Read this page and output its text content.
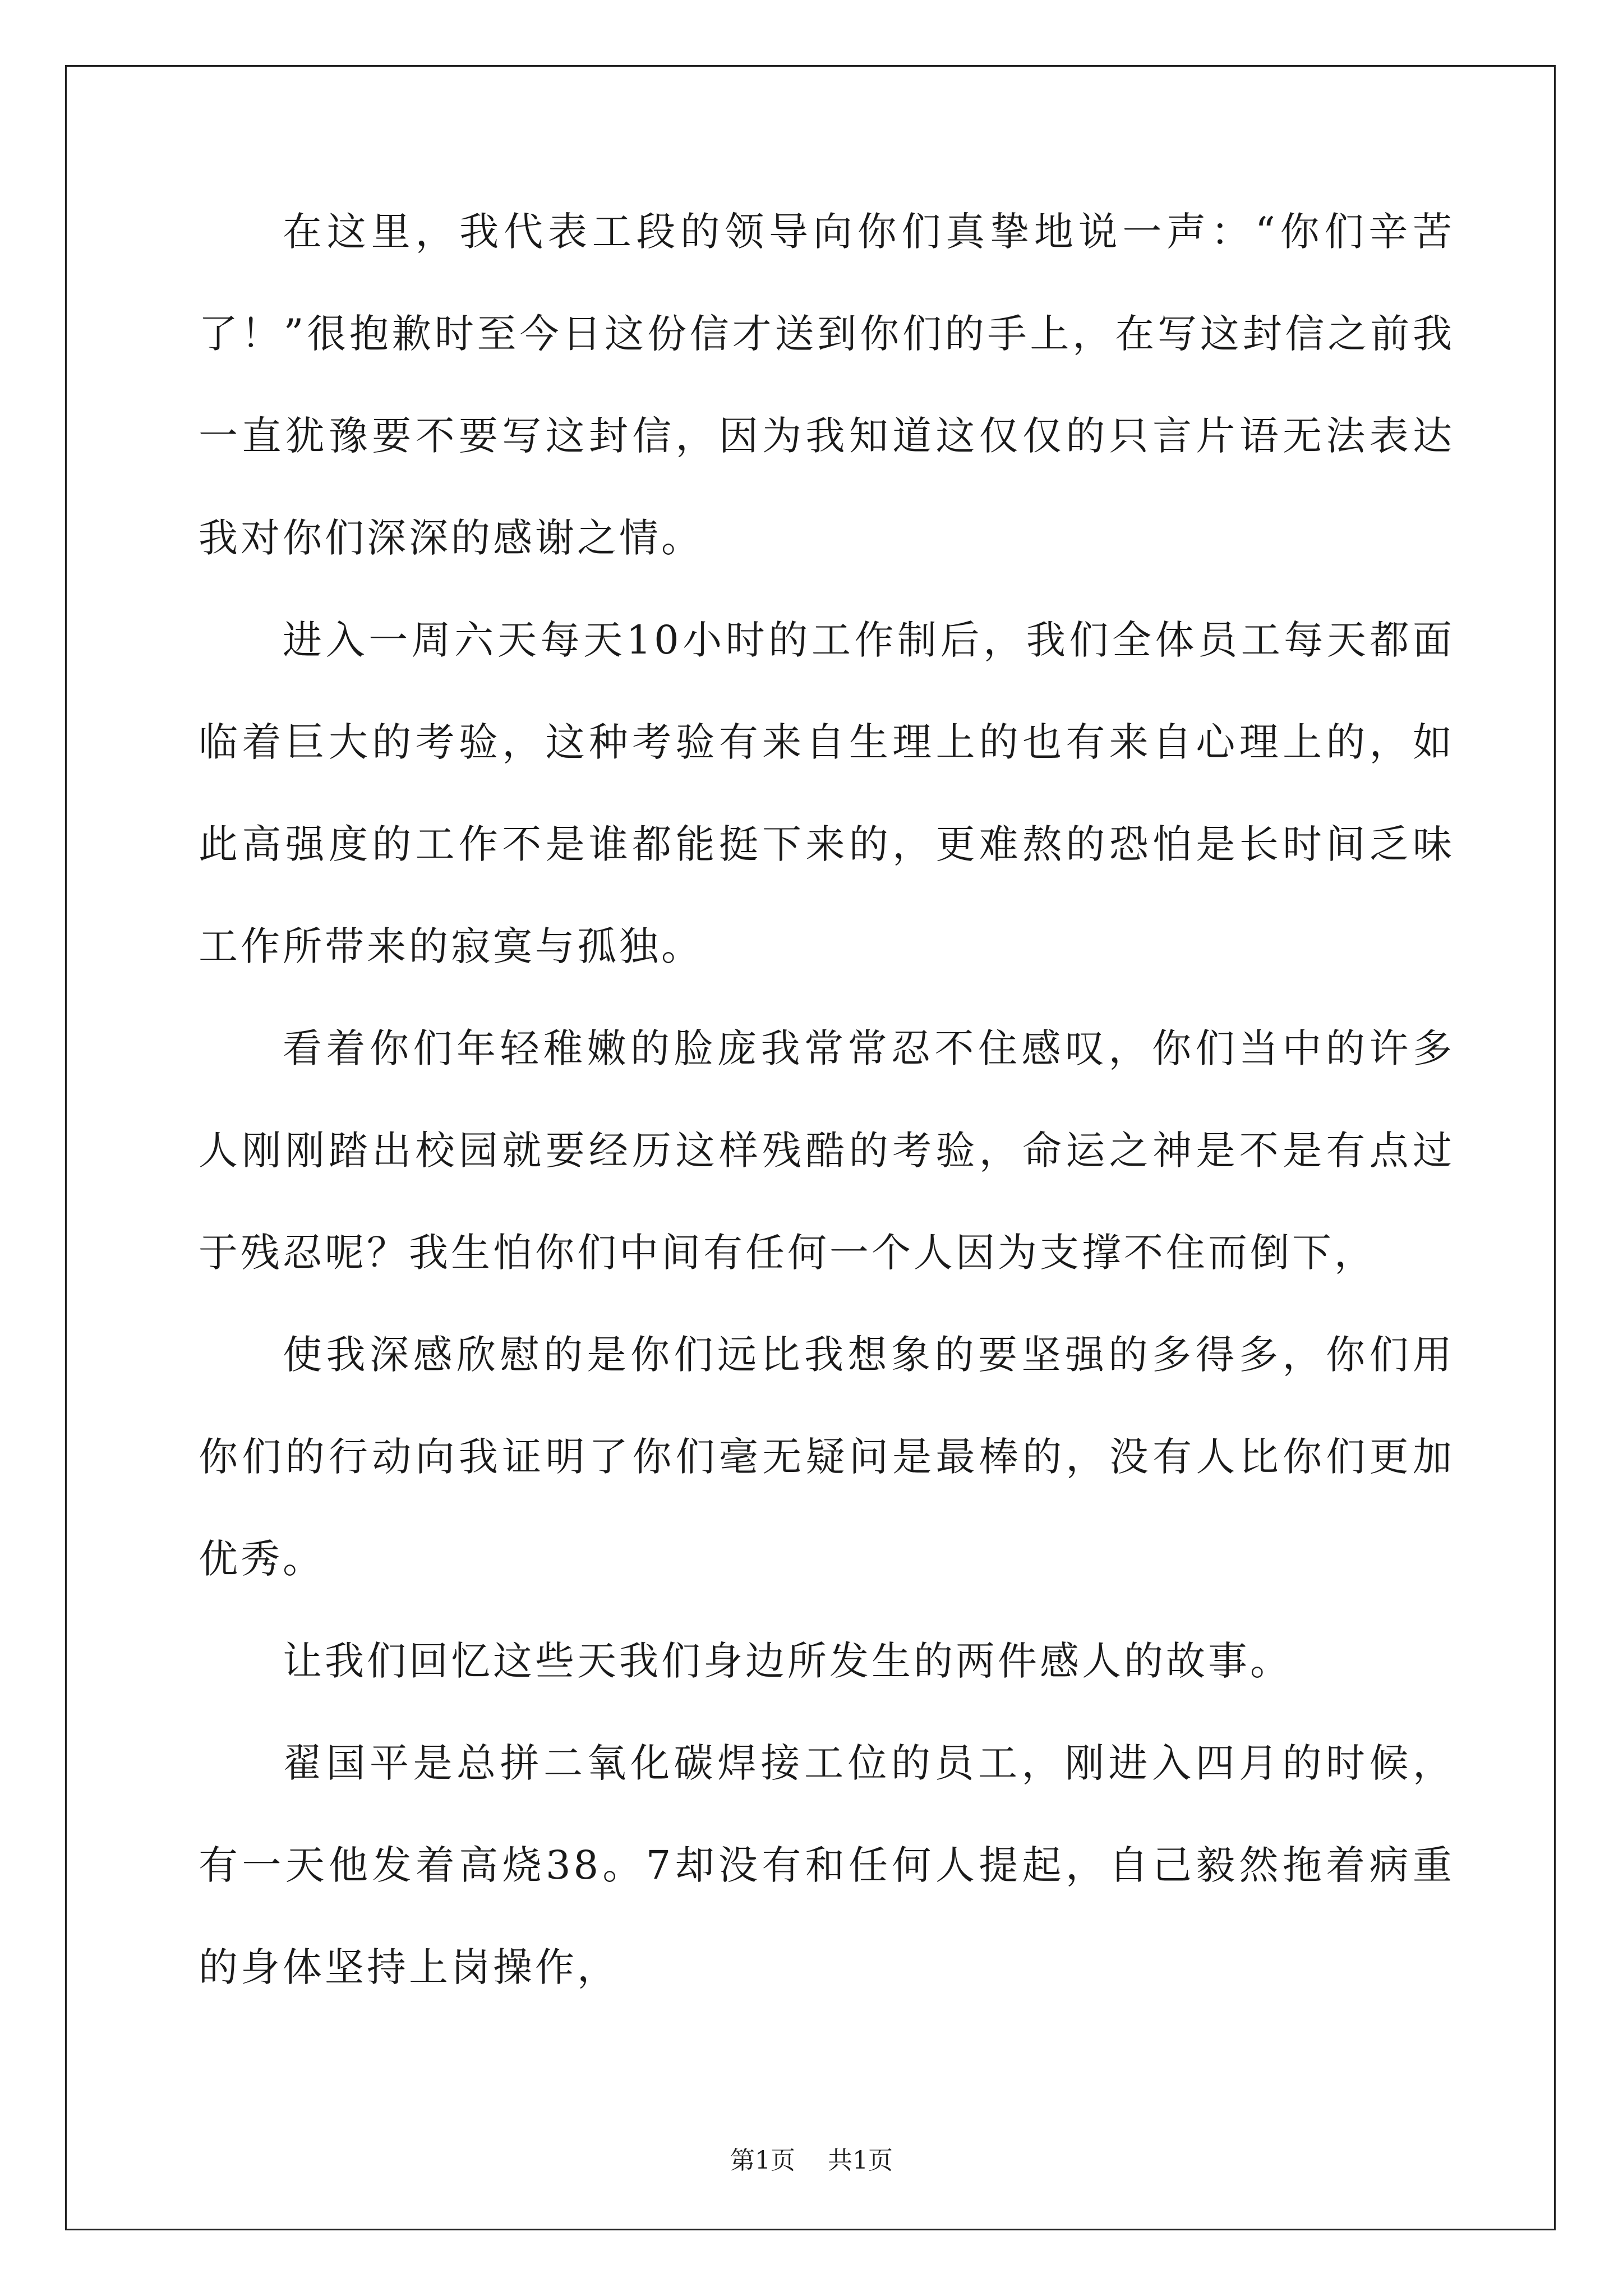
在这里，我代表工段的领导向你们真挚地说一声：“你们辛苦了！”很抱歉时至今日这份信才送到你们的手上，在写这封信之前我一直犹豫要不要写这封信，因为我知道这仅仅的只言片语无法表达我对你们深深的感谢之情。

进入一周六天每天10小时的工作制后，我们全体员工每天都面临着巨大的考验，这种考验有来自生理上的也有来自心理上的，如此高强度的工作不是谁都能挺下来的，更难熬的恐怕是长时间乏味工作所带来的寂寞与孤独。

看着你们年轻稚嫩的脸庞我常常忍不住感叹，你们当中的许多人刚刚踏出校园就要经历这样残酷的考验，命运之神是不是有点过于残忍呢？我生怕你们中间有任何一个人因为支撑不住而倒下，

使我深感欣慰的是你们远比我想象的要坚强的多得多，你们用你们的行动向我证明了你们毫无疑问是最棒的，没有人比你们更加优秀。

让我们回忆这些天我们身边所发生的两件感人的故事。

翟国平是总拼二氧化碳焊接工位的员工，刚进入四月的时候，有一天他发着高烧38。7却没有和任何人提起，自己毅然拖着病重的身体坚持上岗操作，

第1页 共1页
